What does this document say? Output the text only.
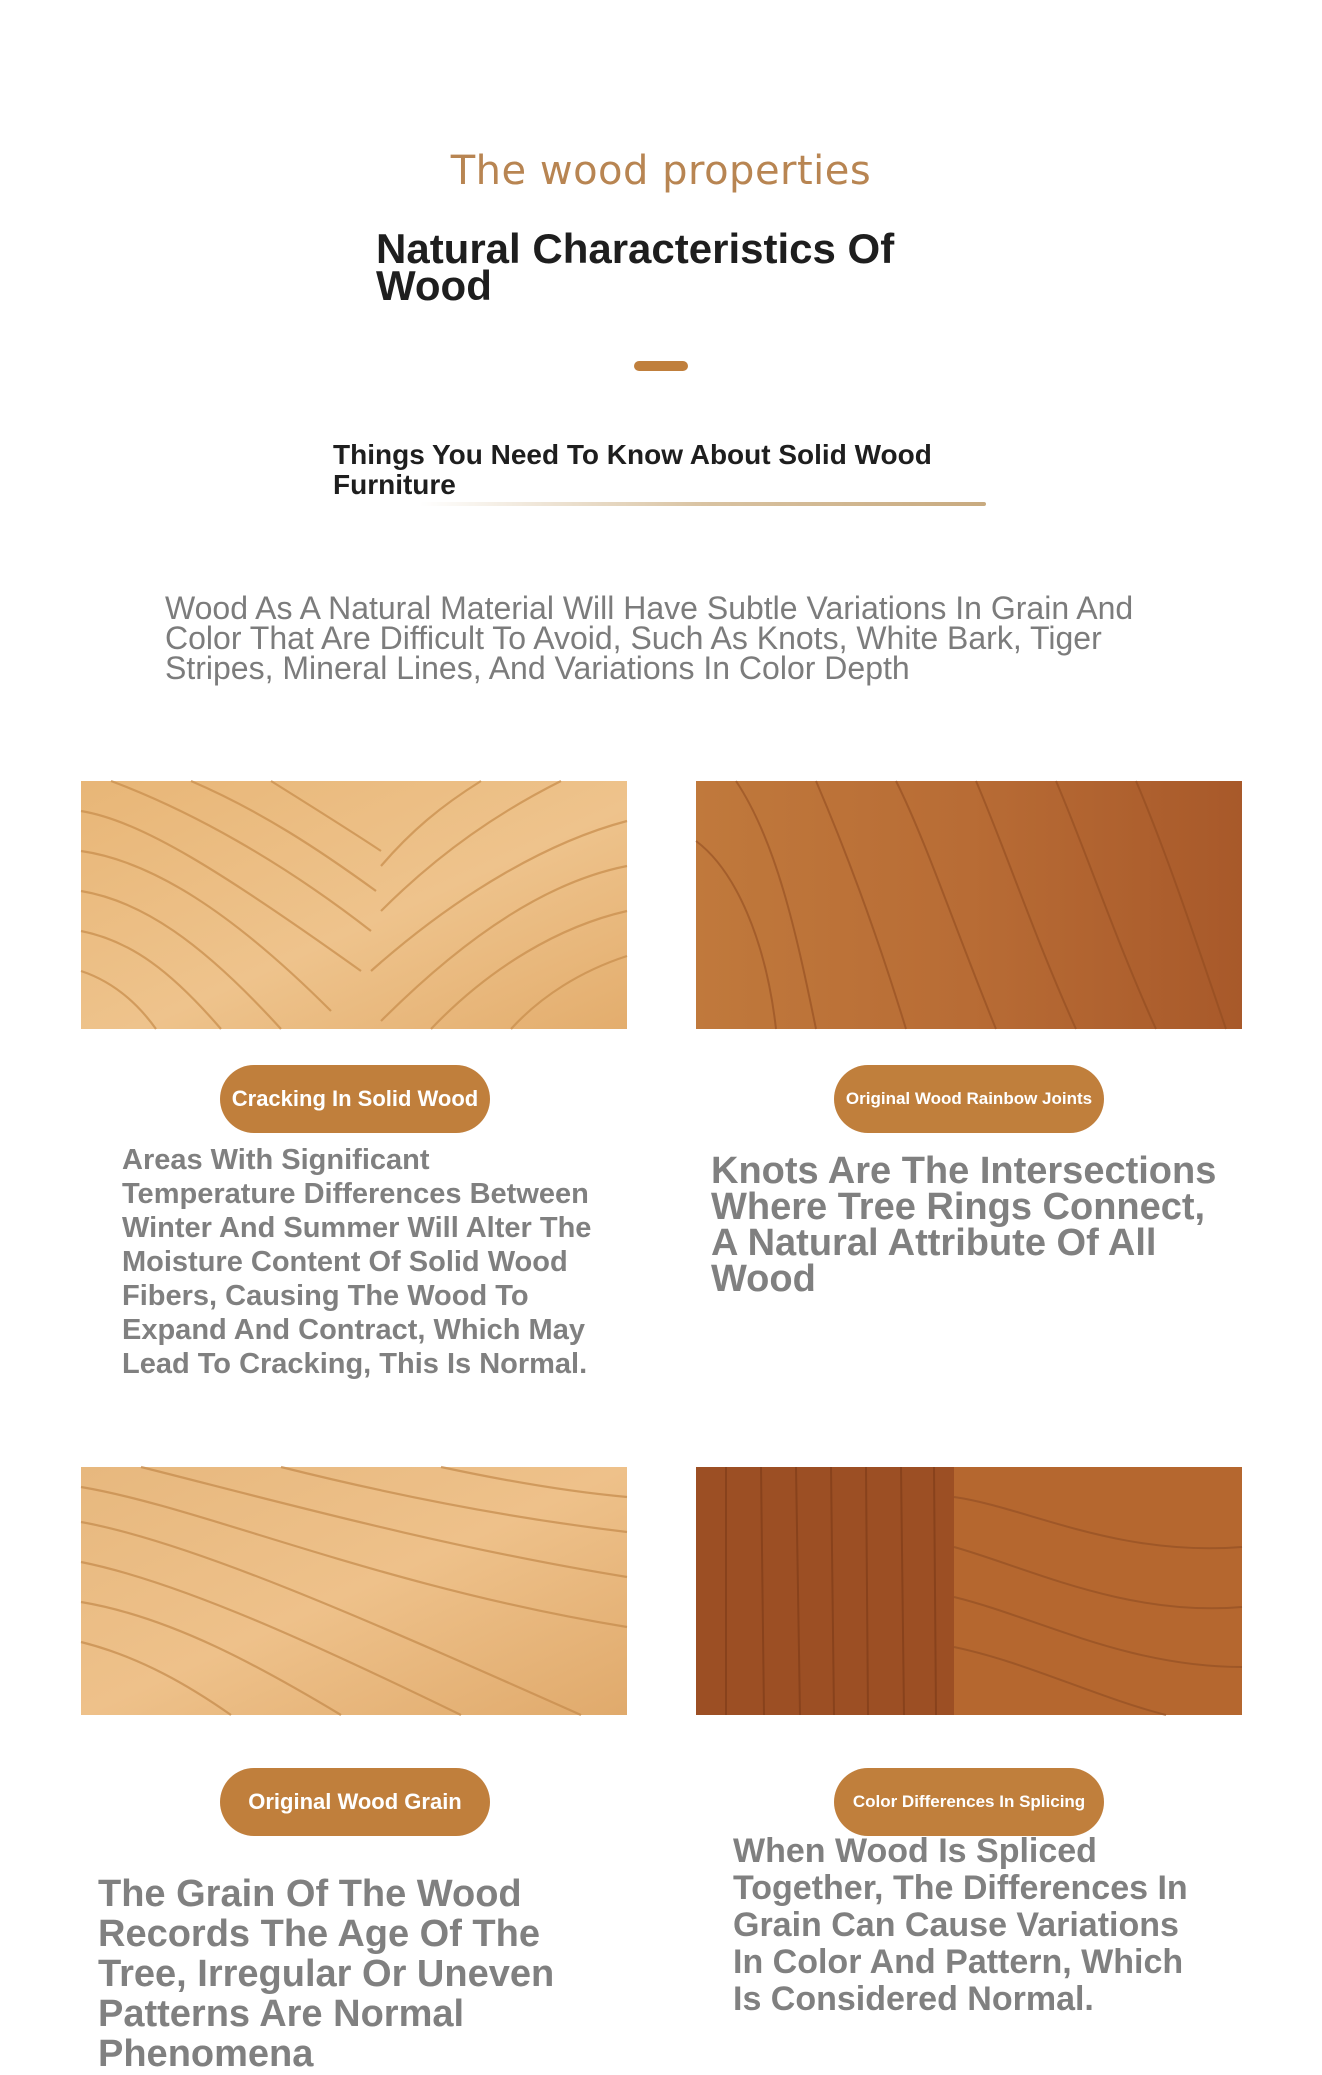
The wood properties
Natural Characteristics Of Wood
Things You Need To Know About Solid Wood Furniture
Wood As A Natural Material Will Have Subtle Variations In Grain And Color That Are Difficult To Avoid, Such As Knots, White Bark, Tiger Stripes, Mineral Lines, And Variations In Color Depth
Cracking In Solid Wood
Areas With Significant Temperature Differences Between Winter And Summer Will Alter The Moisture Content Of Solid Wood Fibers, Causing The Wood To Expand And Contract, Which May Lead To Cracking, This Is Normal.
Original Wood Rainbow Joints
Knots Are The Intersections Where Tree Rings Connect, A Natural Attribute Of All Wood
Original Wood Grain
The Grain Of The Wood Records The Age Of The Tree, Irregular Or Uneven Patterns Are Normal Phenomena
Color Differences In Splicing
When Wood Is Spliced Together, The Differences In Grain Can Cause Variations In Color And Pattern, Which Is Considered Normal.
